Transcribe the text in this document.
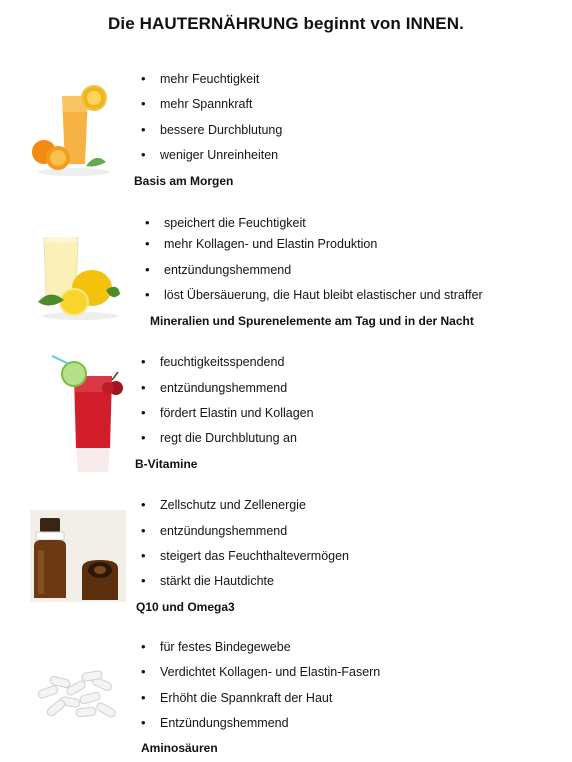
Die HAUTERNÄHRUNG beginnt von INNEN.
• mehr Feuchtigkeit
• mehr Spannkraft
• bessere Durchblutung
• weniger Unreinheiten
Basis am Morgen
• speichert die Feuchtigkeit
• mehr Kollagen- und Elastin Produktion
• entzündungshemmend
• löst Übersäuerung, die Haut bleibt elastischer und straffer
Mineralien und Spurenelemente am Tag und in der Nacht
• feuchtigkeitsspendend
• entzündungshemmend
• fördert Elastin und Kollagen
• regt die Durchblutung an
B-Vitamine
• Zellschutz und Zellenergie
• entzündungshemmend
• steigert das Feuchthaltevermögen
• stärkt die Hautdichte
Q10 und Omega3
• für festes Bindegewebe
• Verdichtet Kollagen- und Elastin-Fasern
• Erhöht die Spannkraft der Haut
• Entzündungshemmend
Aminosäuren
